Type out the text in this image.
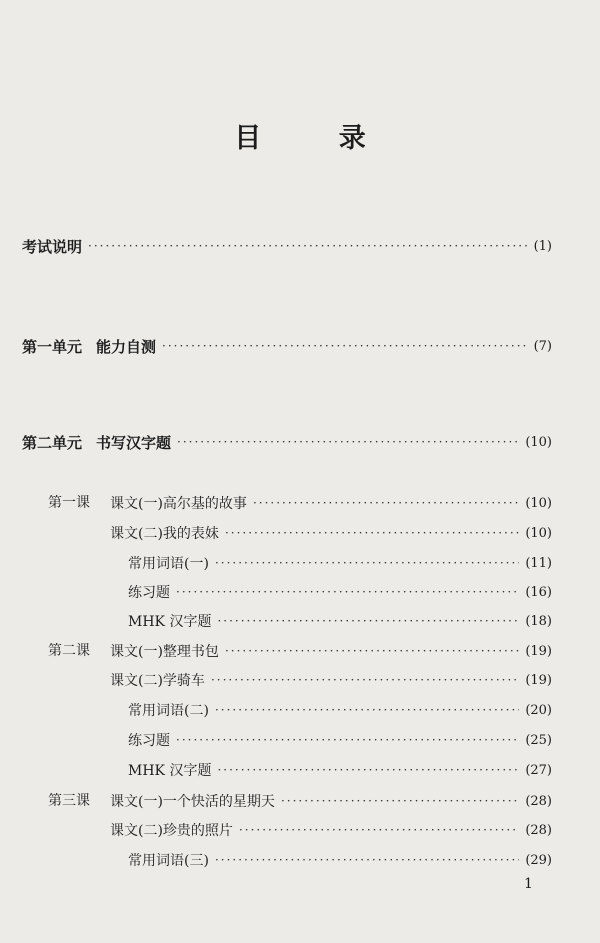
目 录
考试说明 ·····	(1)
第一单元 能力自测 ·····	(7)
第二单元 书写汉字题 ·····	(10)
第一课 课文(一)高尔基的故事 ·····	(10)
课文(二)我的表妹 ·····	(10)
常用词语(一) ·····	(11)
练习题 ·····	(16)
MHK 汉字题 ·····	(18)
第二课 课文(一)整理书包 ·····	(19)
课文(二)学骑车 ·····	(19)
常用词语(二) ·····	(20)
练习题 ·····	(25)
MHK 汉字题 ·····	(27)
第三课 课文(一)一个快活的星期天 ·····	(28)
课文(二)珍贵的照片 ·····	(28)
常用词语(三) ·····	(29)
1
